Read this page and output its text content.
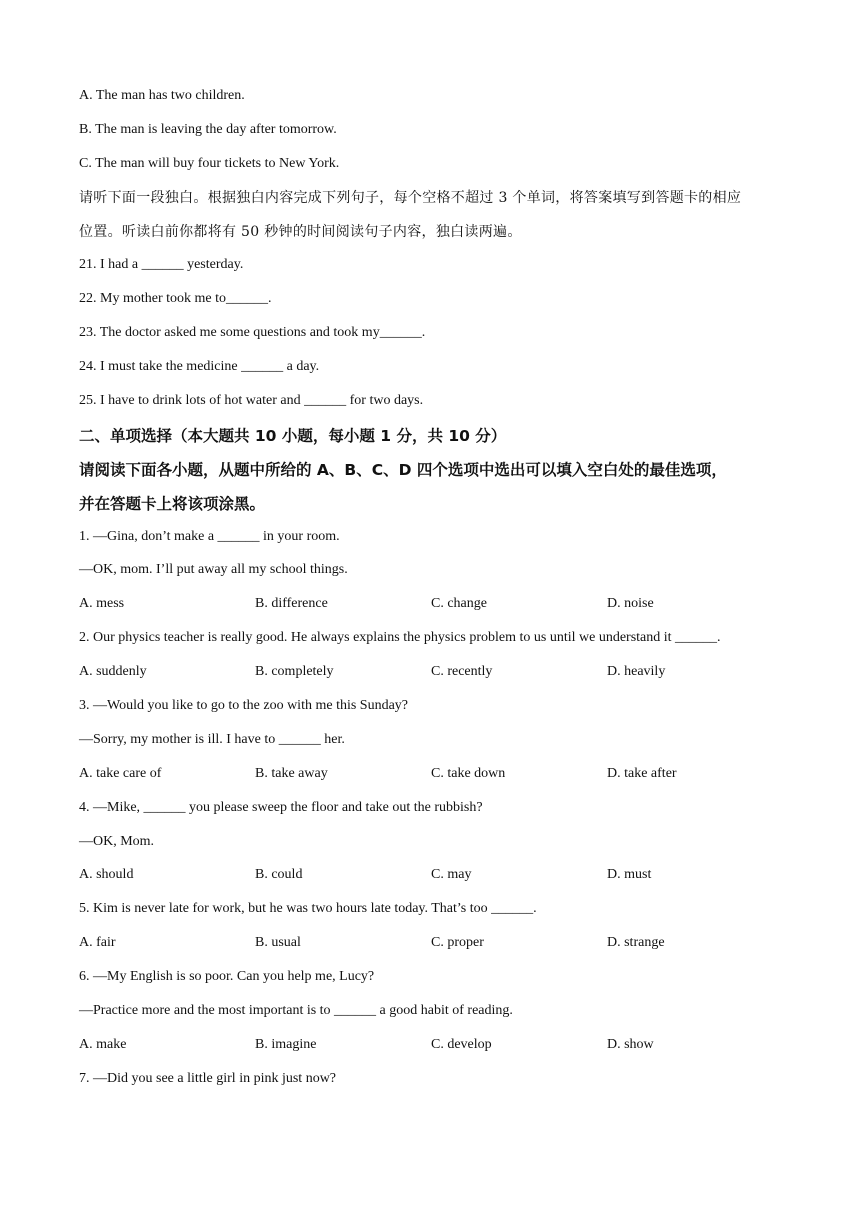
A. The man has two children.
B. The man is leaving the day after tomorrow.
C. The man will buy four tickets to New York.
请听下面一段独白。根据独白内容完成下列句子，每个空格不超过 3 个单词，将答案填写到答题卡的相应
位置。听读白前你都将有 50 秒钟的时间阅读句子内容，独白读两遍。
21. I had a ______ yesterday.
22. My mother took me to______.
23. The doctor asked me some questions and took my______.
24. I must take the medicine ______ a day.
25. I have to drink lots of hot water and ______ for two days.
二、单项选择（本大题共 10 小题，每小题 1 分，共 10 分）
请阅读下面各小题，从题中所给的 A、B、C、D 四个选项中选出可以填入空白处的最佳选项，
并在答题卡上将该项涂黑。
1. —Gina, don’t make a ______ in your room.
—OK, mom. I’ll put away all my school things.
A. mess	B. difference	C. change	D. noise
2. Our physics teacher is really good. He always explains the physics problem to us until we understand it ______.
A. suddenly	B. completely	C. recently	D. heavily
3. —Would you like to go to the zoo with me this Sunday?
—Sorry, my mother is ill. I have to ______ her.
A. take care of	B. take away	C. take down	D. take after
4. —Mike, ______ you please sweep the floor and take out the rubbish?
—OK, Mom.
A. should	B. could	C. may	D. must
5. Kim is never late for work, but he was two hours late today. That’s too ______.
A. fair	B. usual	C. proper	D. strange
6. —My English is so poor. Can you help me, Lucy?
—Practice more and the most important is to ______ a good habit of reading.
A. make	B. imagine	C. develop	D. show
7. —Did you see a little girl in pink just now?
